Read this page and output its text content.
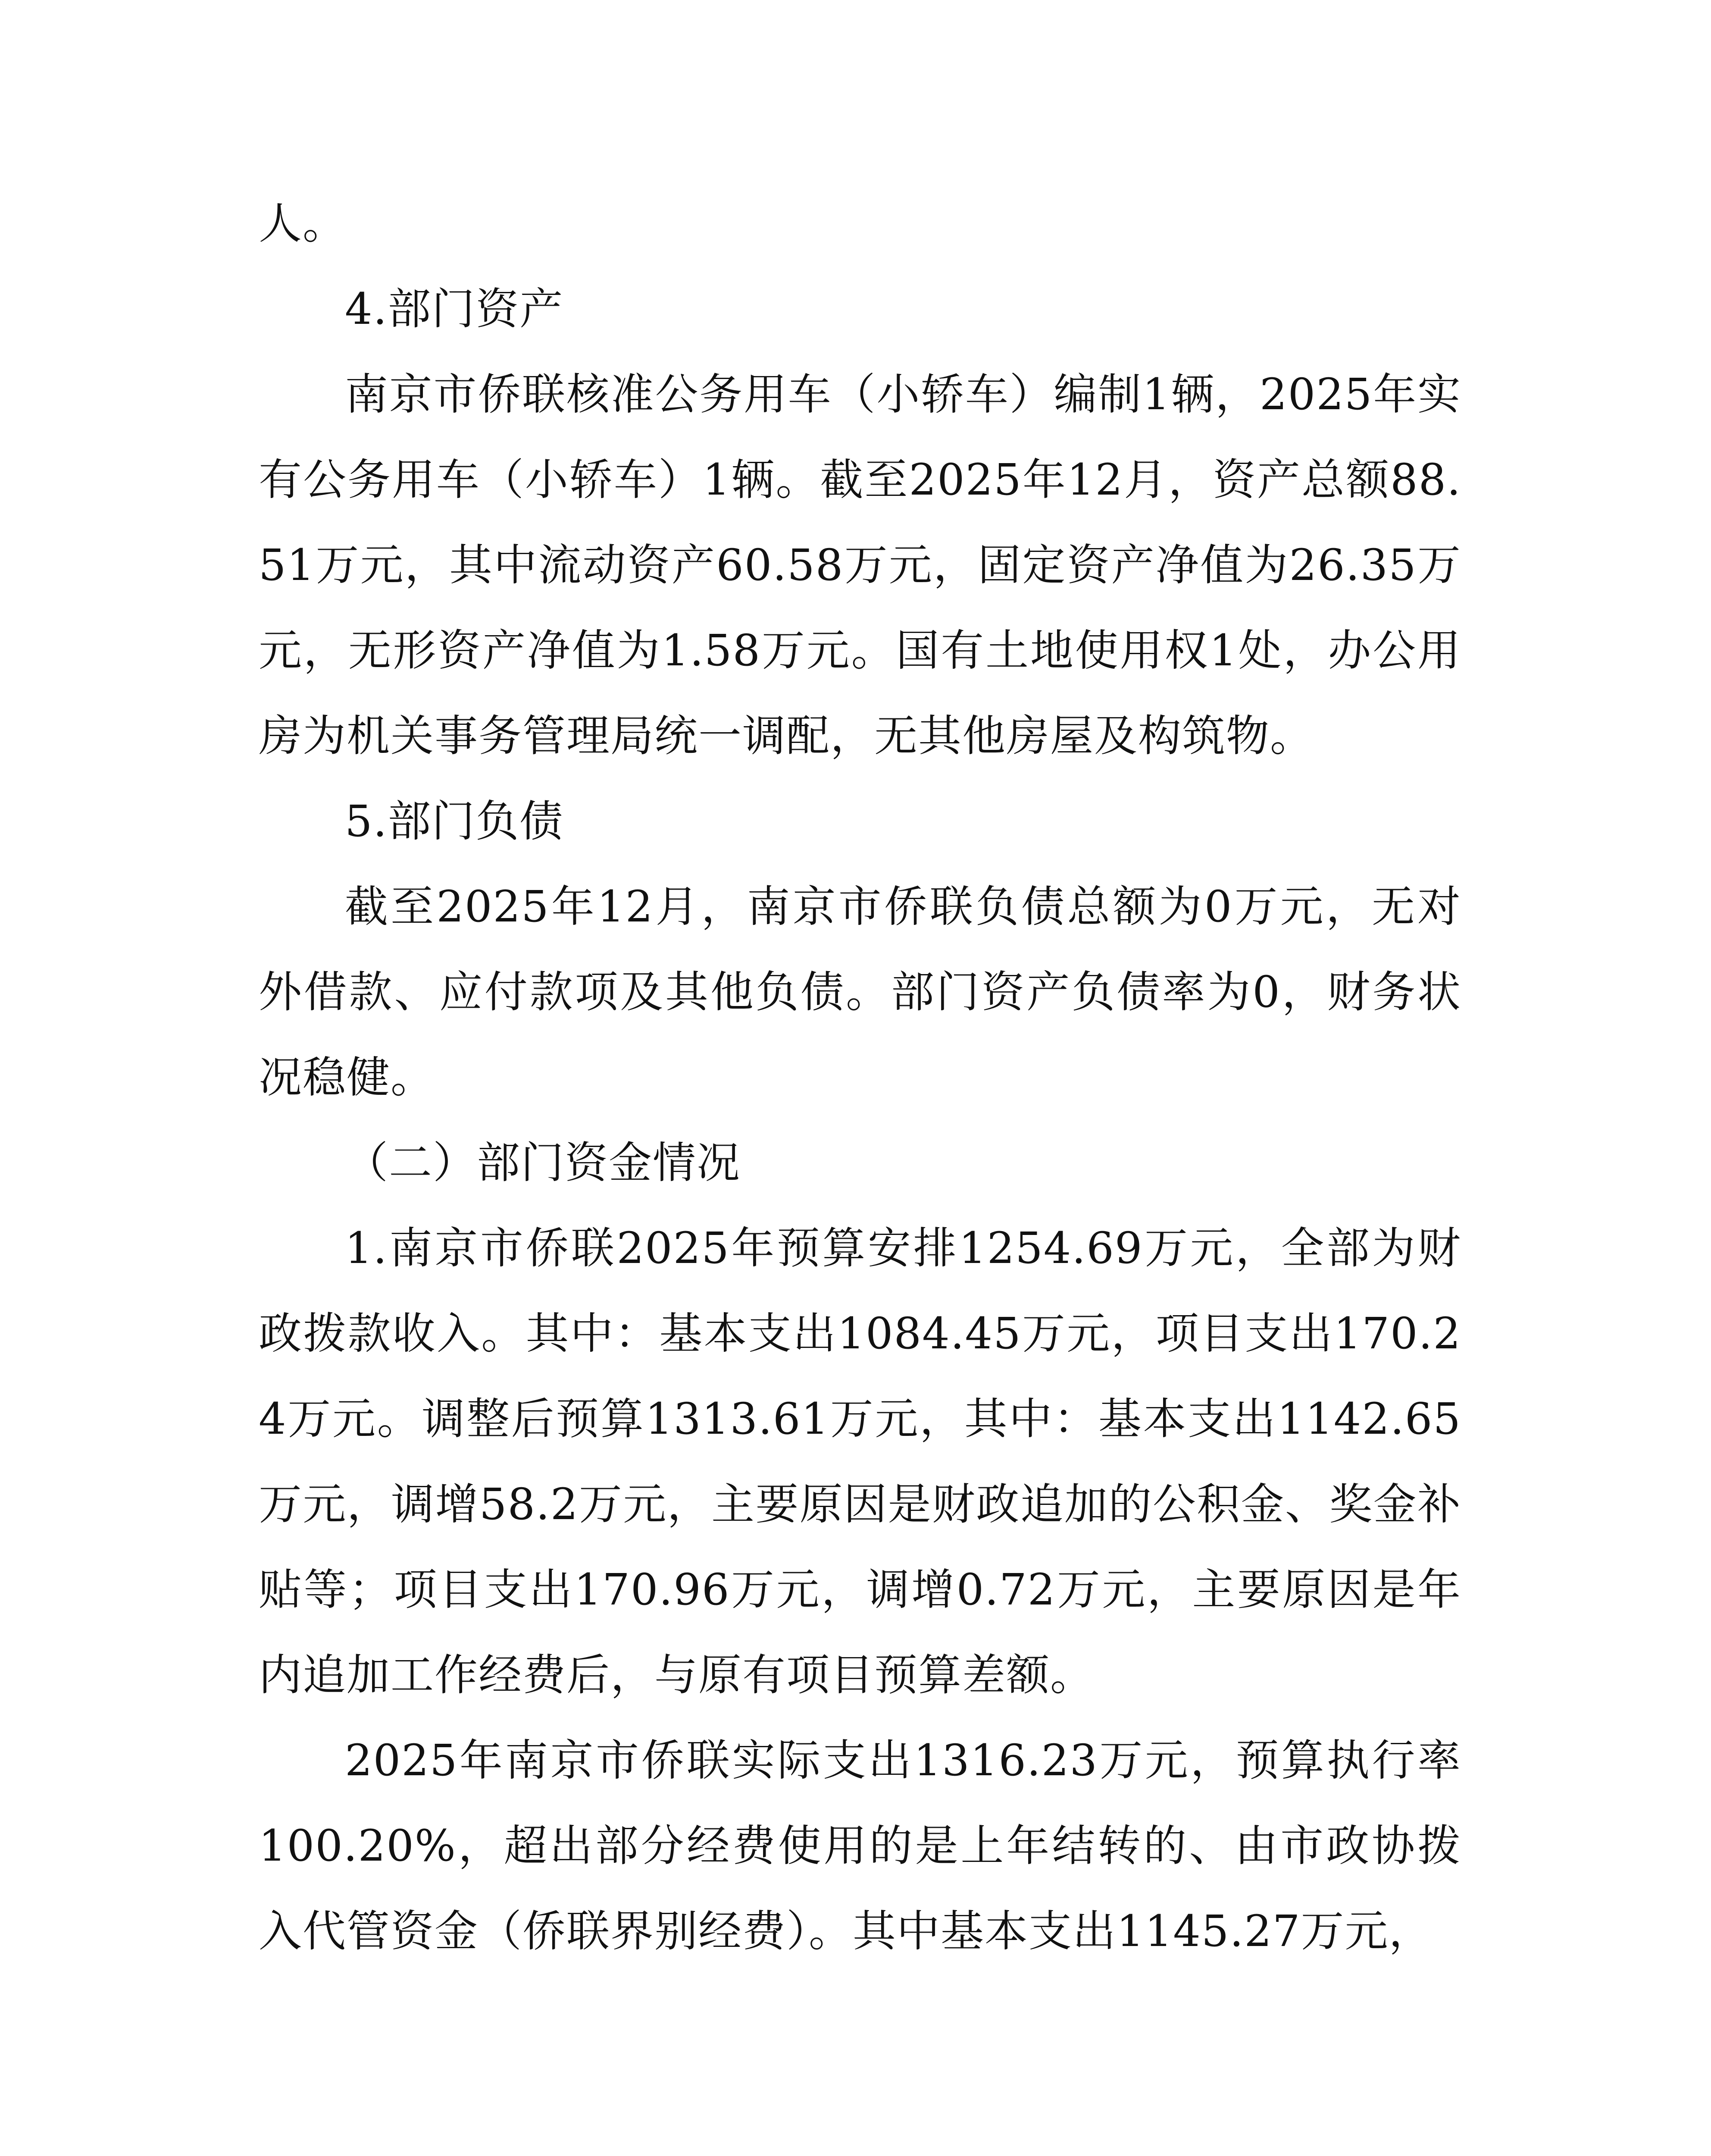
人。

4.部门资产

南京市侨联核准公务用车（小轿车）编制1辆，2025年实有公务用车（小轿车）1辆。截至2025年12月，资产总额88.51万元，其中流动资产60.58万元，固定资产净值为26.35万元，无形资产净值为1.58万元。国有土地使用权1处，办公用房为机关事务管理局统一调配，无其他房屋及构筑物。

5.部门负债

截至2025年12月，南京市侨联负债总额为0万元，无对外借款、应付款项及其他负债。部门资产负债率为0，财务状况稳健。

（二）部门资金情况

1.南京市侨联2025年预算安排1254.69万元，全部为财政拨款收入。其中：基本支出1084.45万元，项目支出170.24万元。调整后预算1313.61万元，其中：基本支出1142.65万元，调增58.2万元，主要原因是财政追加的公积金、奖金补贴等；项目支出170.96万元，调增0.72万元，主要原因是年内追加工作经费后，与原有项目预算差额。

2025年南京市侨联实际支出1316.23万元，预算执行率100.20%，超出部分经费使用的是上年结转的、由市政协拨入代管资金（侨联界别经费）。其中基本支出1145.27万元，
